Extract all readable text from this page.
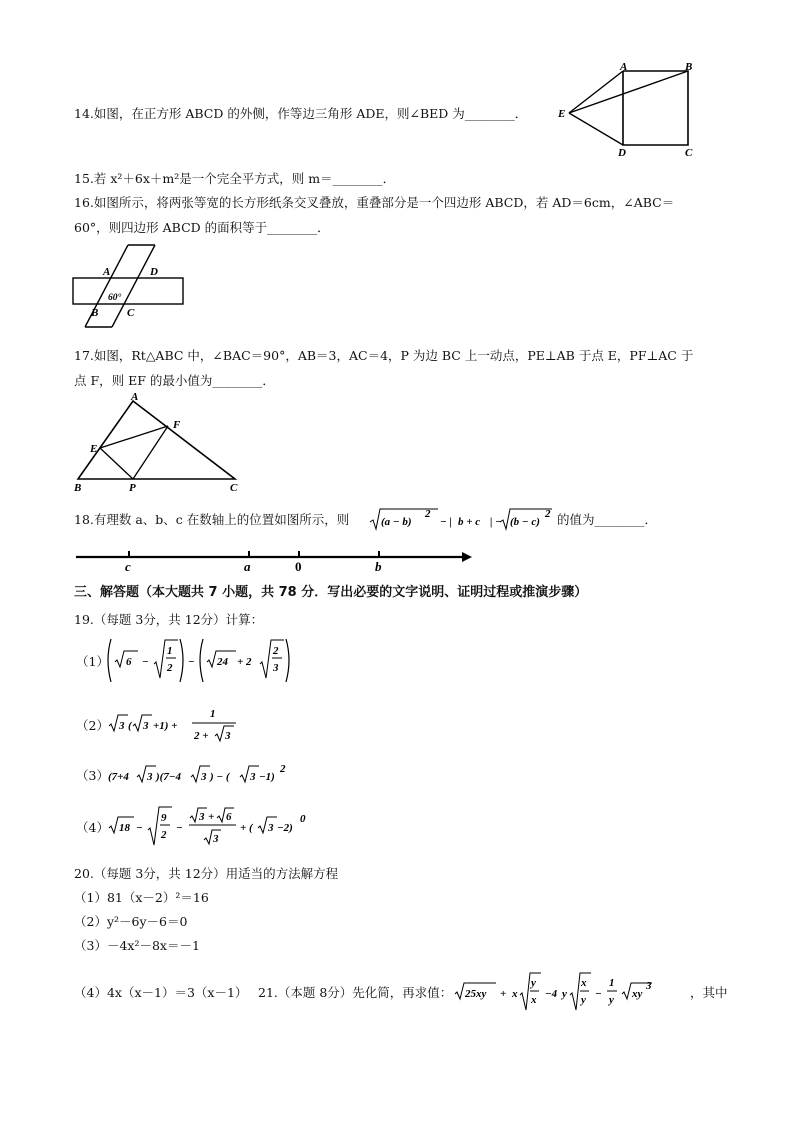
14.如图，在正方形 ABCD 的外侧，作等边三角形 ADE，则∠BED 为________．
A	B
E
D	C
15.若 x²＋6x＋m²是一个完全平方式，则 m＝________．
16.如图所示，将两张等宽的长方形纸条交叉叠放，重叠部分是一个四边形 ABCD，若 AD＝6cm，∠ABC＝
60°，则四边形 ABCD 的面积等于________．
A	D
60°
B	C
17.如图，Rt△ABC 中，∠BAC＝90°，AB＝3，AC＝4，P 为边 BC 上一动点，PE⊥AB 于点 E，PF⊥AC 于
点 F，则 EF 的最小值为________．
A
F
E
B	P	C
18.有理数 a、b、c 在数轴上的位置如图所示，则	(a − b)
2
− | b + c | − (b − c)
2 的值为________．
c	a	0	b
三、解答题（本大题共 7 小题，共 78 分．写出必要的文字说明、证明过程或推演步骤）
19.（每题 3分，共 12分）计算：
（1） 6 −
1
2 − 24 + 2
2
3
（2） 3 ( 3 +1) +
1
2 + 3
（3） (7+4 3 )(7−4 3 ) − ( 3 −1)
2
（4） 18 −
9
2
−
3 + 6
3
+ ( 3 −2)
0
20.（每题 3分，共 12分）用适当的方法解方程
（1）81（x－2）²＝16
（2）y²－6y－6＝0
（3）－4x²－8x＝－1
（4）4x（x－1）＝3（x－1） 21.（本题 8分）先化简，再求值： 25xy + x
y
x −4 y
x
y −
1
y xy
3	，其中
